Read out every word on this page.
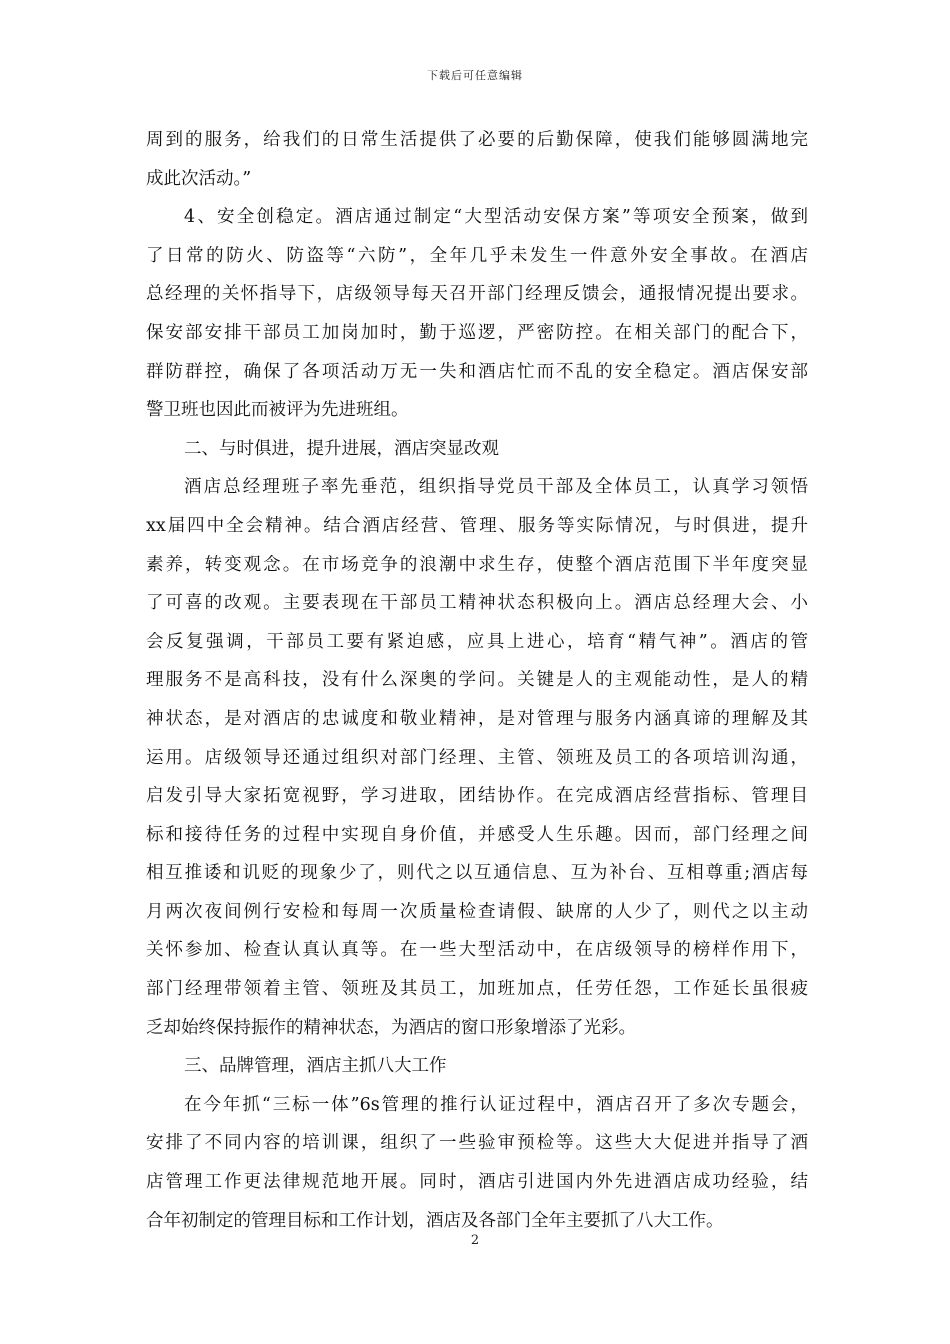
下载后可任意编辑
周到的服务，给我们的日常生活提供了必要的后勤保障，使我们能够圆满地完
成此次活动。”
4、安全创稳定。酒店通过制定“大型活动安保方案”等项安全预案，做到
了日常的防火、防盗等“六防”，全年几乎未发生一件意外安全事故。在酒店
总经理的关怀指导下，店级领导每天召开部门经理反馈会，通报情况提出要求。
保安部安排干部员工加岗加时，勤于巡逻，严密防控。在相关部门的配合下，
群防群控，确保了各项活动万无一失和酒店忙而不乱的安全稳定。酒店保安部
警卫班也因此而被评为先进班组。
二、与时俱进，提升进展，酒店突显改观
酒店总经理班子率先垂范，组织指导党员干部及全体员工，认真学习领悟
xx届四中全会精神。结合酒店经营、管理、服务等实际情况，与时俱进，提升
素养，转变观念。在市场竞争的浪潮中求生存，使整个酒店范围下半年度突显
了可喜的改观。主要表现在干部员工精神状态积极向上。酒店总经理大会、小
会反复强调，干部员工要有紧迫感，应具上进心，培育“精气神”。酒店的管
理服务不是高科技，没有什么深奥的学问。关键是人的主观能动性，是人的精
神状态，是对酒店的忠诚度和敬业精神，是对管理与服务内涵真谛的理解及其
运用。店级领导还通过组织对部门经理、主管、领班及员工的各项培训沟通，
启发引导大家拓宽视野，学习进取，团结协作。在完成酒店经营指标、管理目
标和接待任务的过程中实现自身价值，并感受人生乐趣。因而，部门经理之间
相互推诿和讥贬的现象少了，则代之以互通信息、互为补台、互相尊重;酒店每
月两次夜间例行安检和每周一次质量检查请假、缺席的人少了，则代之以主动
关怀参加、检查认真认真等。在一些大型活动中，在店级领导的榜样作用下，
部门经理带领着主管、领班及其员工，加班加点，任劳任怨，工作延长虽很疲
乏却始终保持振作的精神状态，为酒店的窗口形象增添了光彩。
三、品牌管理，酒店主抓八大工作
在今年抓“三标一体”6s管理的推行认证过程中，酒店召开了多次专题会，
安排了不同内容的培训课，组织了一些验审预检等。这些大大促进并指导了酒
店管理工作更法律规范地开展。同时，酒店引进国内外先进酒店成功经验，结
合年初制定的管理目标和工作计划，酒店及各部门全年主要抓了八大工作。
2
